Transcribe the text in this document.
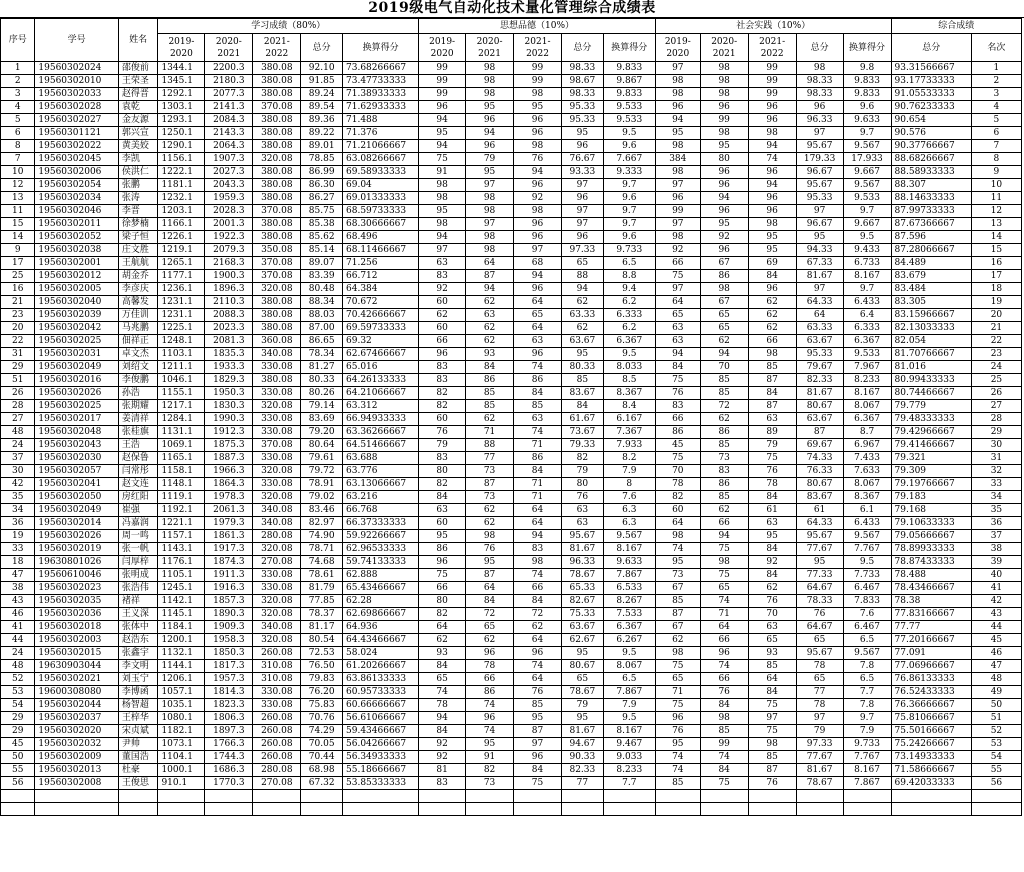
2019级电气自动化技术量化管理综合成绩表
序号	学号	姓名	学习成绩（80%）					思想品德（10%）					社会实践（10%）					综合成绩	
			2019- 2020	2020- 2021	2021- 2022	总分	换算得分	2019- 2020	2020- 2021	2021- 2022	总分	换算得分	2019- 2020	2020- 2021	2021- 2022	总分	换算得分	总分	名次
1	19560302024	邵俊前	1344.1	2200.3	380.08	92.10	73.68266667	99	98	99	98.33	9.833	97	98	99	98	9.8	93.31566667	1
2	19560302010	王荣圣	1345.1	2180.3	380.08	91.85	73.47733333	99	98	99	98.67	9.867	98	98	99	98.33	9.833	93.17733333	2
3	19560302033	赵得晋	1292.1	2077.3	380.08	89.24	71.38933333	99	98	98	98.33	9.833	98	98	99	98.33	9.833	91.05533333	3
4	19560302028	袁乾	1303.1	2141.3	370.08	89.54	71.62933333	96	95	95	95.33	9.533	96	96	96	96	9.6	90.76233333	4
5	19560302027	金友源	1293.1	2084.3	380.08	89.36	71.488	94	96	96	95.33	9.533	94	99	96	96.33	9.633	90.654	5
6	19560301121	郭兴宣	1250.1	2143.3	380.08	89.22	71.376	95	94	96	95	9.5	95	98	98	97	9.7	90.576	6
8	19560302022	黄美姣	1290.1	2064.3	380.08	89.01	71.21066667	94	96	98	96	9.6	98	95	94	95.67	9.567	90.37766667	7
7	19560302045	李凯	1156.1	1907.3	320.08	78.85	63.08266667	75	79	76	76.67	7.667	384	80	74	179.33	17.933	88.68266667	8
10	19560302006	侯洪仁	1222.1	2027.3	380.08	86.99	69.58933333	91	95	94	93.33	9.333	98	96	96	96.67	9.667	88.58933333	9
12	19560302054	张鹏	1181.1	2043.3	380.08	86.30	69.04	98	97	96	97	9.7	97	96	94	95.67	9.567	88.307	10
13	19560302034	张涛	1232.1	1959.3	380.08	86.27	69.01333333	98	98	92	96	9.6	96	94	96	95.33	9.533	88.14633333	11
11	19560302046	李晋	1203.1	2028.3	370.08	85.75	68.59733333	95	98	98	97	9.7	99	96	96	97	9.7	87.99733333	12
15	19560302011	徐梦楠	1166.1	2001.3	380.08	85.38	68.30666667	98	97	96	97	9.7	97	95	98	96.67	9.667	87.67366667	13
14	19560302052	梁子恒	1226.1	1922.3	380.08	85.62	68.496	94	98	96	96	9.6	98	92	95	95	9.5	87.596	14
9	19560302038	庄文胜	1219.1	2079.3	350.08	85.14	68.11466667	97	98	97	97.33	9.733	92	96	95	94.33	9.433	87.28066667	15
17	19560302001	王航航	1265.1	2168.3	370.08	89.07	71.256	63	64	68	65	6.5	66	67	69	67.33	6.733	84.489	16
25	19560302012	胡金乔	1177.1	1900.3	370.08	83.39	66.712	83	87	94	88	8.8	75	86	84	81.67	8.167	83.679	17
16	19560302005	李彦庆	1236.1	1896.3	320.08	80.48	64.384	92	94	96	94	9.4	97	98	96	97	9.7	83.484	18
21	19560302040	高馨发	1231.1	2110.3	380.08	88.34	70.672	60	62	64	62	6.2	64	67	62	64.33	6.433	83.305	19
23	19560302039	万佳训	1231.1	2088.3	380.08	88.03	70.42666667	62	63	65	63.33	6.333	65	65	62	64	6.4	83.15966667	20
20	19560302042	马兆鹏	1225.1	2023.3	380.08	87.00	69.59733333	60	62	64	62	6.2	63	65	62	63.33	6.333	82.13033333	21
22	19560302025	佃祥正	1248.1	2081.3	360.08	86.65	69.32	66	62	63	63.67	6.367	63	62	66	63.67	6.367	82.054	22
31	19560302031	卓文杰	1103.1	1835.3	340.08	78.34	62.67466667	96	93	96	95	9.5	94	94	98	95.33	9.533	81.70766667	23
29	19560302049	刘绍文	1211.1	1933.3	330.08	81.27	65.016	83	84	74	80.33	8.033	84	70	85	79.67	7.967	81.016	24
51	19560302016	李俊鹏	1046.1	1829.3	380.08	80.33	64.26133333	83	86	86	85	8.5	75	85	87	82.33	8.233	80.99433333	25
26	19560302026	孙浩	1155.1	1950.3	330.08	80.26	64.21066667	82	85	84	83.67	8.367	76	85	84	81.67	8.167	80.74466667	26
28	19560302025	张期耀	1217.1	1830.3	320.08	79.14	63.312	82	85	85	84	8.4	83	72	87	80.67	8.067	79.779	27
27	19560302017	姜清祥	1284.1	1990.3	330.08	83.69	66.94933333	60	62	63	61.67	6.167	66	62	63	63.67	6.367	79.48333333	28
48	19560302048	张桂旗	1131.1	1912.3	330.08	79.20	63.36266667	76	71	74	73.67	7.367	86	86	89	87	8.7	79.42966667	29
24	19560302043	王浩	1069.1	1875.3	370.08	80.64	64.51466667	79	88	71	79.33	7.933	45	85	79	69.67	6.967	79.41466667	30
37	19560302030	赵保鲁	1165.1	1887.3	330.08	79.61	63.688	83	77	86	82	8.2	75	73	75	74.33	7.433	79.321	31
30	19560302057	闫常彤	1158.1	1966.3	320.08	79.72	63.776	80	73	84	79	7.9	70	83	76	76.33	7.633	79.309	32
42	19560302041	赵文连	1148.1	1864.3	330.08	78.91	63.13066667	82	87	71	80	8	78	86	78	80.67	8.067	79.19766667	33
35	19560302050	房红阳	1119.1	1978.3	320.08	79.02	63.216	84	73	71	76	7.6	82	85	84	83.67	8.367	79.183	34
34	19560302049	崔强	1192.1	2061.3	340.08	83.46	66.768	63	62	64	63	6.3	60	62	61	61	6.1	79.168	35
36	19560302014	冯嘉润	1221.1	1979.3	340.08	82.97	66.37333333	60	62	64	63	6.3	64	66	63	64.33	6.433	79.10633333	36
19	19560302026	周一鸣	1157.1	1861.3	280.08	74.90	59.92266667	95	98	94	95.67	9.567	98	94	95	95.67	9.567	79.05666667	37
33	19560302019	张一帆	1143.1	1917.3	320.08	78.71	62.96533333	86	76	83	81.67	8.167	74	75	84	77.67	7.767	78.89933333	38
18	19630801026	闫厚梓	1176.1	1874.3	270.08	74.68	59.74133333	96	95	98	96.33	9.633	95	98	92	95	9.5	78.87433333	39
47	19560610046	张明成	1105.1	1911.3	330.08	78.61	62.888	75	87	74	78.67	7.867	73	75	84	77.33	7.733	78.488	40
38	19560302023	张浩伟	1245.1	1916.3	330.08	81.79	65.43466667	66	64	66	65.33	6.533	67	65	62	64.67	6.467	78.43466667	41
43	19560302035	褚祥	1142.1	1857.3	320.08	77.85	62.28	80	84	84	82.67	8.267	85	74	76	78.33	7.833	78.38	42
46	19560302036	王义深	1145.1	1890.3	320.08	78.37	62.69866667	82	72	72	75.33	7.533	87	71	70	76	7.6	77.83166667	43
41	19560302018	张体中	1184.1	1909.3	340.08	81.17	64.936	64	65	62	63.67	6.367	67	64	63	64.67	6.467	77.77	44
44	19560302003	赵浩东	1200.1	1958.3	320.08	80.54	64.43466667	62	62	64	62.67	6.267	62	66	65	65	6.5	77.20166667	45
24	19560302015	张鑫宇	1132.1	1850.3	260.08	72.53	58.024	93	96	96	95	9.5	98	96	93	95.67	9.567	77.091	46
48	19630903044	李文明	1144.1	1817.3	310.08	76.50	61.20266667	84	78	74	80.67	8.067	75	74	85	78	7.8	77.06966667	47
52	19560302021	刘玉宁	1206.1	1957.3	310.08	79.83	63.86133333	65	66	64	65	6.5	65	66	64	65	6.5	76.86133333	48
53	19600308080	李博函	1057.1	1814.3	330.08	76.20	60.95733333	74	86	76	78.67	7.867	71	76	84	77	7.7	76.52433333	49
54	19560302044	杨智超	1035.1	1823.3	330.08	75.83	60.66666667	78	74	85	79	7.9	75	84	75	78	7.8	76.36666667	50
29	19560302037	王梓华	1080.1	1806.3	260.08	70.76	56.61066667	94	96	95	95	9.5	96	98	97	97	9.7	75.81066667	51
29	19560302020	宋贞斌	1182.1	1897.3	260.08	74.29	59.43466667	84	74	87	81.67	8.167	76	85	75	79	7.9	75.50166667	52
45	19560302032	尹帅	1073.1	1766.3	260.08	70.05	56.04266667	92	95	97	94.67	9.467	95	99	98	97.33	9.733	75.24266667	53
50	19560302009	董国浩	1104.1	1744.3	260.08	70.44	56.34933333	92	91	96	90.33	9.033	74	74	85	77.67	7.767	73.14933333	54
55	19560302013	杜豪	1000.1	1686.3	280.08	68.98	55.18666667	81	82	84	82.33	8.233	74	84	87	81.67	8.167	71.58666667	55
56	19560302008	王俊思	910.1	1770.3	270.08	67.32	53.85333333	83	73	75	77	7.7	85	75	76	78.67	7.867	69.42033333	56
